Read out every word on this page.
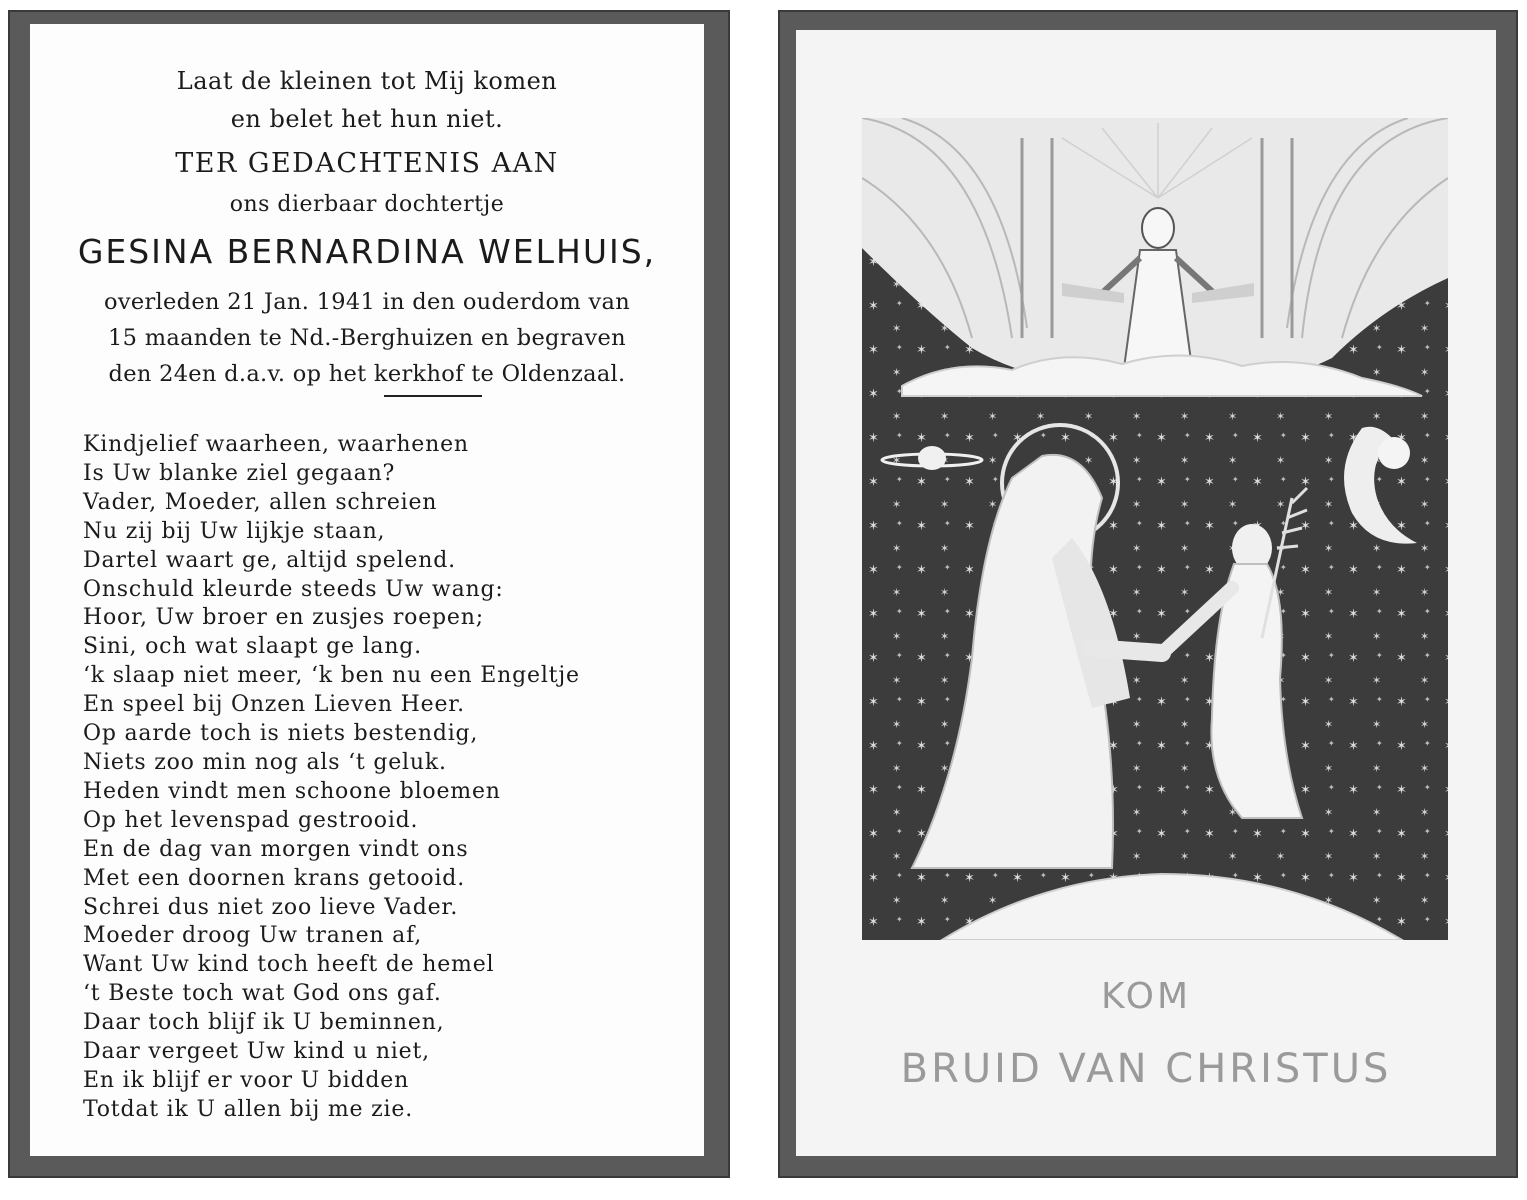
Laat de kleinen tot Mij komen
en belet het hun niet.
TER GEDACHTENIS AAN
ons dierbaar dochtertje
GESINA BERNARDINA WELHUIS,
overleden 21 Jan. 1941 in den ouderdom van
15 maanden te Nd.-Berghuizen en begraven
den 24en d.a.v. op het kerkhof te Oldenzaal.
Kindjelief waarheen, waarhenen
Is Uw blanke ziel gegaan?
Vader, Moeder, allen schreien
Nu zij bij Uw lijkje staan,
Dartel waart ge, altijd spelend.
Onschuld kleurde steeds Uw wang:
Hoor, Uw broer en zusjes roepen;
Sini, och wat slaapt ge lang.
‘k slaap niet meer, ‘k ben nu een Engeltje
En speel bij Onzen Lieven Heer.
Op aarde toch is niets bestendig,
Niets zoo min nog als ‘t geluk.
Heden vindt men schoone bloemen
Op het levenspad gestrooid.
En de dag van morgen vindt ons
Met een doornen krans getooid.
Schrei dus niet zoo lieve Vader.
Moeder droog Uw tranen af,
Want Uw kind toch heeft de hemel
‘t Beste toch wat God ons gaf.
Daar toch blijf ik U beminnen,
Daar vergeet Uw kind u niet,
En ik blijf er voor U bidden
Totdat ik U allen bij me zie.
KOM
BRUID VAN CHRISTUS
